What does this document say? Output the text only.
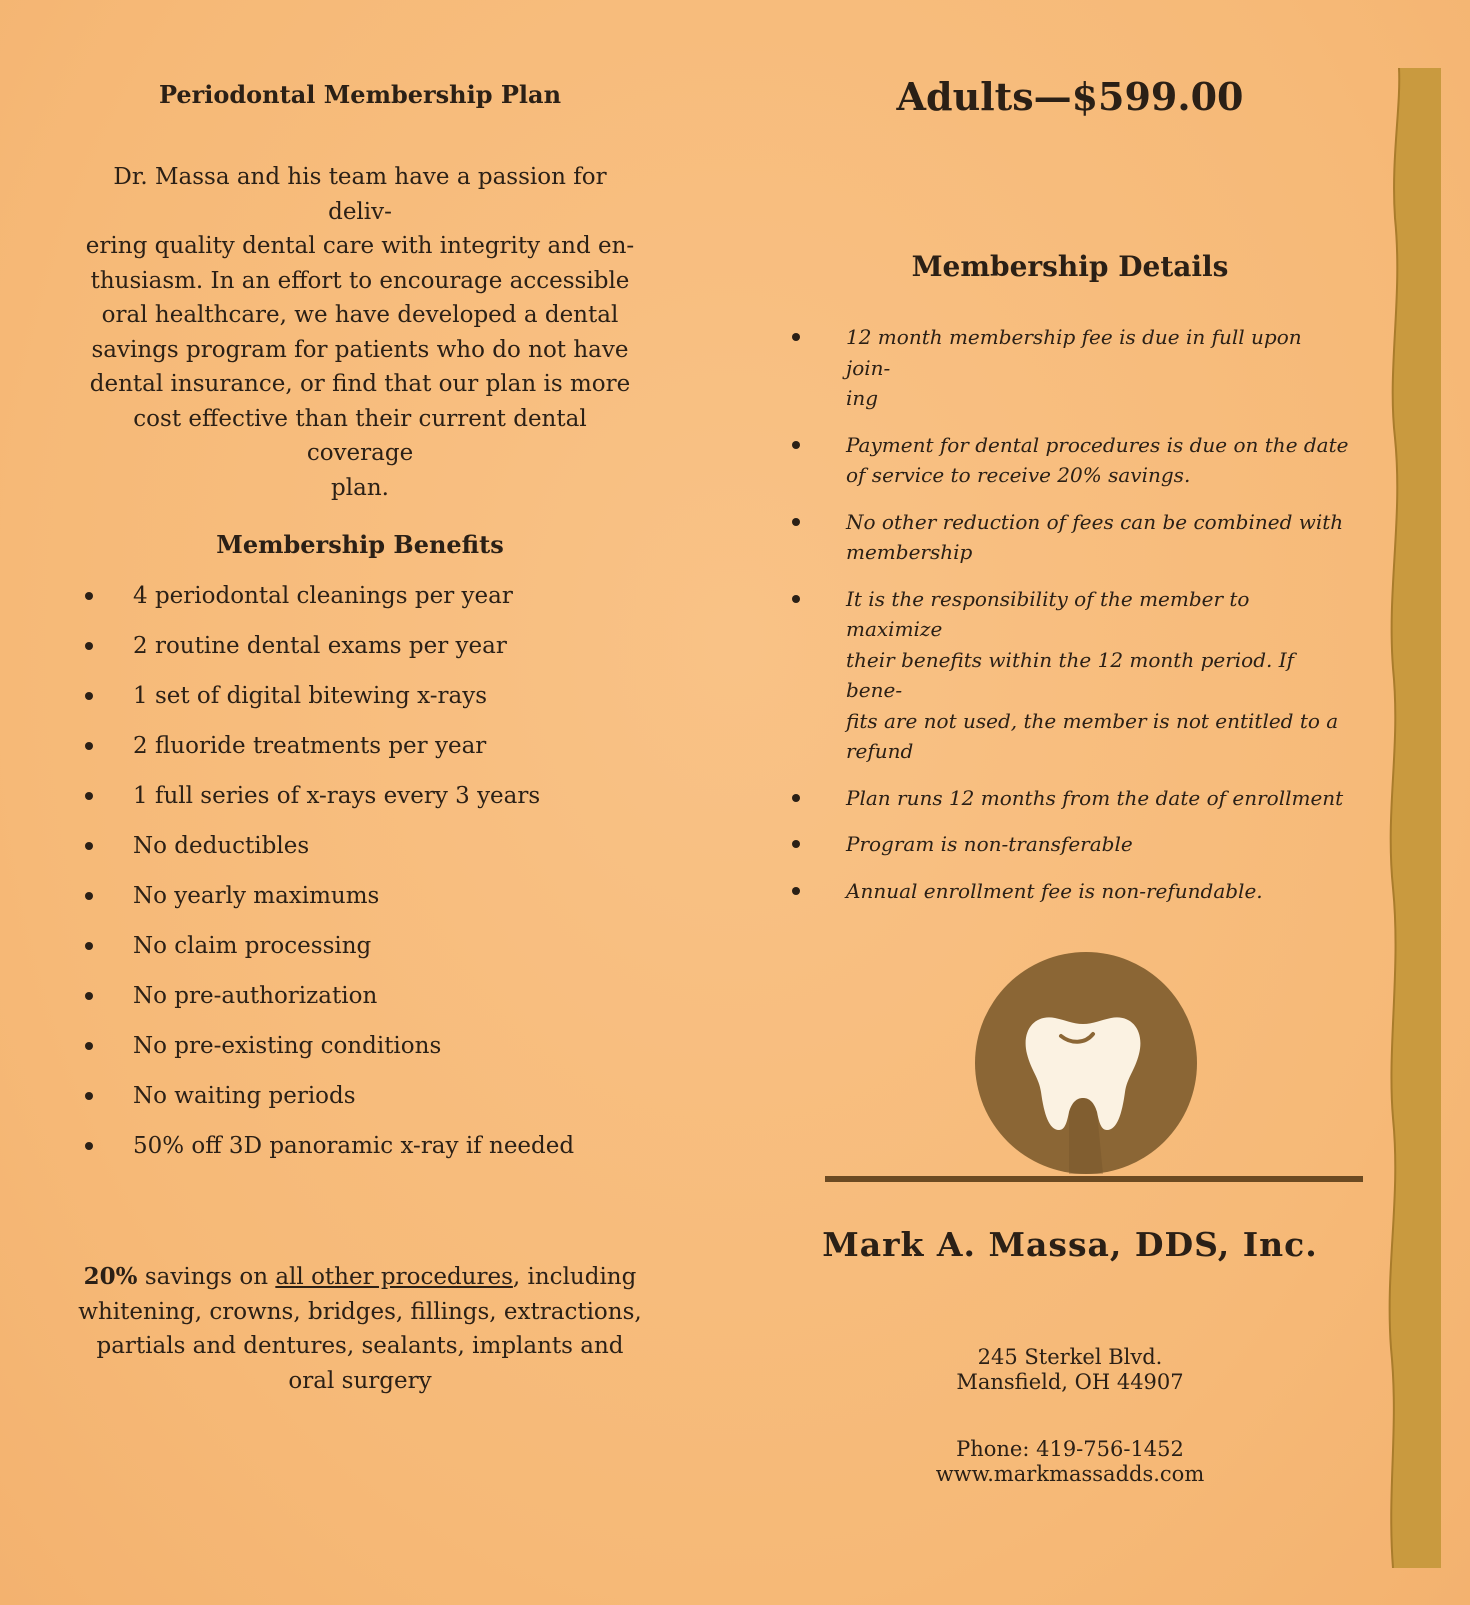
Periodontal Membership Plan

Dr. Massa and his team have a passion for deliv-
ering quality dental care with integrity and en-
thusiasm. In an effort to encourage accessible
oral healthcare, we have developed a dental
savings program for patients who do not have
dental insurance, or find that our plan is more
cost effective than their current dental coverage
plan.

Membership Benefits
4 periodontal cleanings per year
2 routine dental exams per year
1 set of digital bitewing x-rays
2 fluoride treatments per year
1 full series of x-rays every 3 years
No deductibles
No yearly maximums
No claim processing
No pre-authorization
No pre-existing conditions
No waiting periods
50% off 3D panoramic x-ray if needed

20% savings on all other procedures, including
whitening, crowns, bridges, fillings, extractions,
partials and dentures, sealants, implants and
oral surgery

Adults—$599.00
Membership Details
12 month membership fee is due in full upon join-
ing
Payment for dental procedures is due on the date
of service to receive 20% savings.
No other reduction of fees can be combined with
membership
It is the responsibility of the member to maximize
their benefits within the 12 month period. If bene-
fits are not used, the member is not entitled to a
refund
Plan runs 12 months from the date of enrollment
Program is non-transferable
Annual enrollment fee is non-refundable.
Mark A. Massa, DDS, Inc.

245 Sterkel Blvd.
Mansfield, OH 44907

Phone: 419-756-1452
www.markmassadds.com
